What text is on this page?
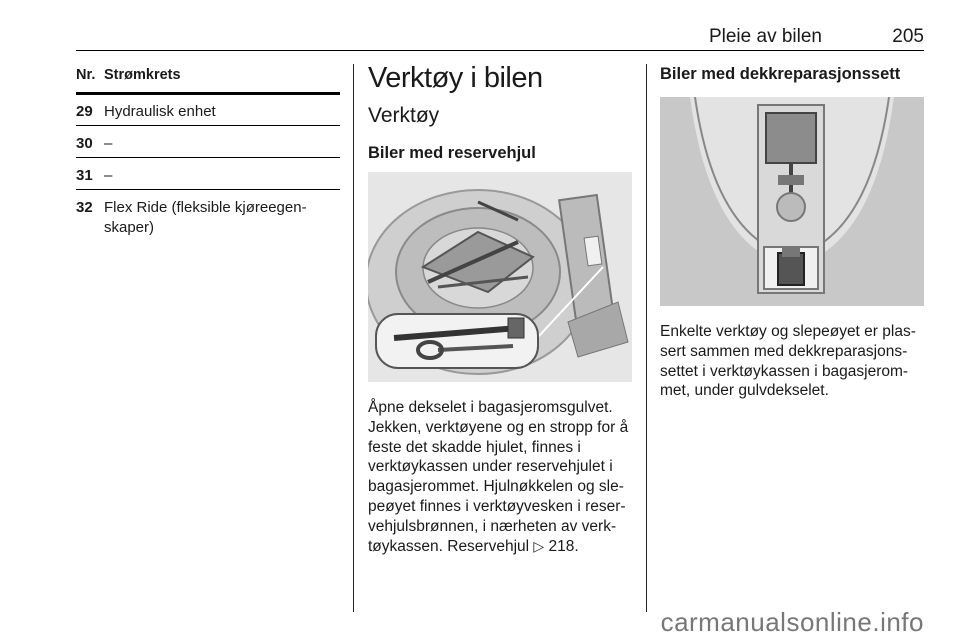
Pleie av bilen	205
Nr. Strømkrets
29 Hydraulisk enhet
30 –
31 –
32 Flex Ride (fleksible kjøreegen-skaper)
Verktøy i bilen
Verktøy
Biler med reservehjul
Åpne dekselet i bagasjeromsgulvet. Jekken, verktøyene og en stropp for å feste det skadde hjulet, finnes i verktøykassen under reservehjulet i bagasjerommet. Hjulnøkkelen og sle-peøyet finnes i verktøyvesken i reser-vehjulsbrønnen, i nærheten av verk-tøykassen. Reservehjul ▷ 218.
Biler med dekkreparasjonssett
Enkelte verktøy og slepeøyet er plas-sert sammen med dekkreparasjons-settet i verktøykassen i bagasjerom-met, under gulvdekselet.
carmanualsonline.info
